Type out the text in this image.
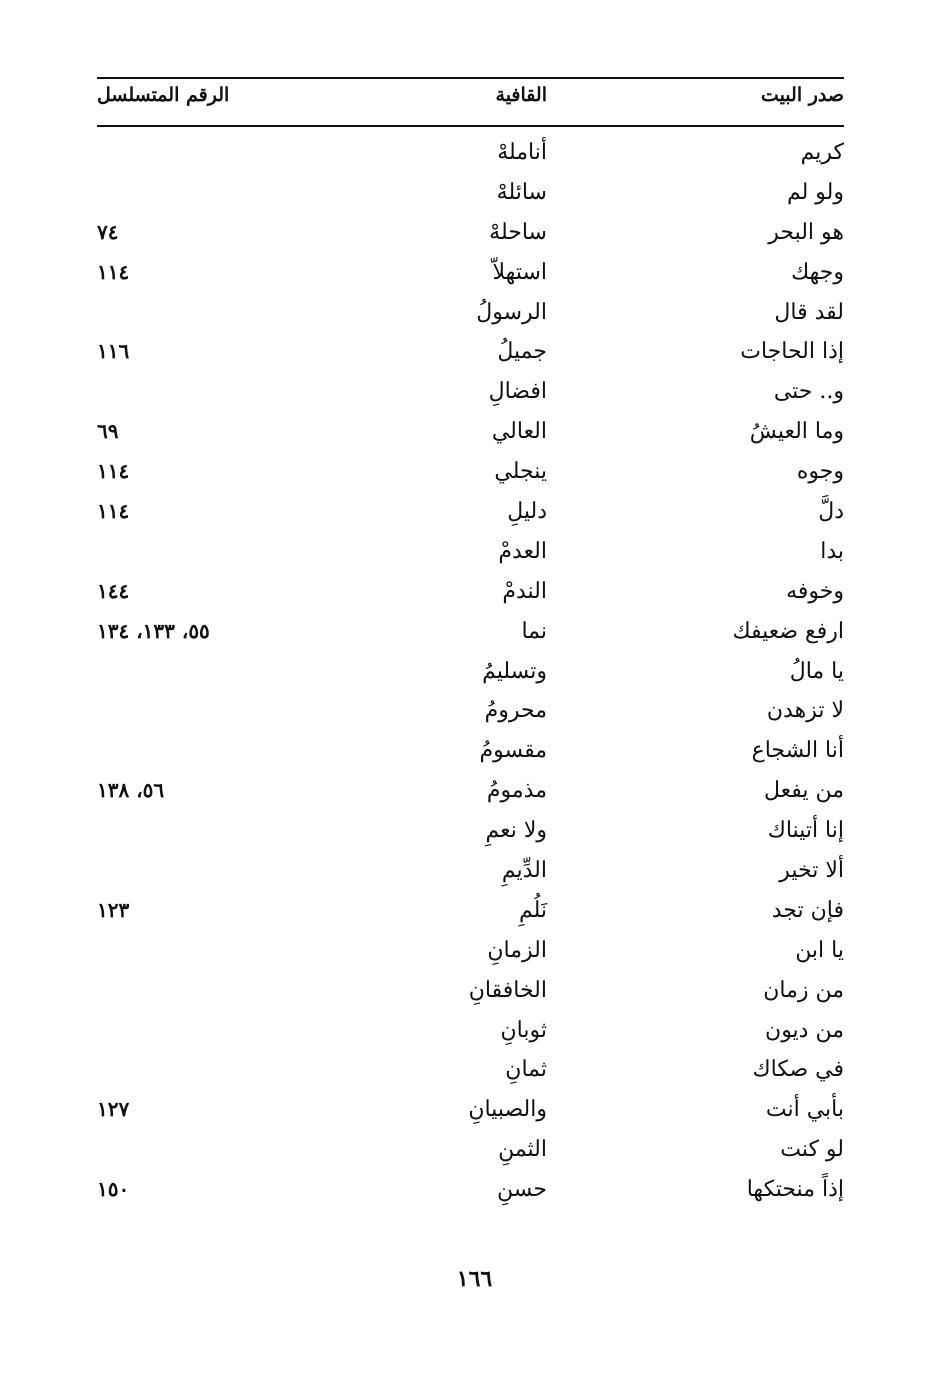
صدر البيت
القافية
الرقم المتسلسل
كريم
أناملهْ
ولو لم
سائلهْ
هو البحر
ساحلهْ
٧٤
وجهك
استهلاّ
١١٤
لقد قال
الرسولُ
إذا الحاجات
جميلُ
١١٦
و.. حتى
افضالِ
وما العيشُ
العالي
٦٩
وجوه
ينجلي
١١٤
دلَّ
دليلِ
١١٤
بدا
العدمْ
وخوفه
الندمْ
١٤٤
ارفع ضعيفك
نما
٥٥، ١٣٣، ١٣٤
يا مالُ
وتسليمُ
لا تزهدن
محرومُ
أنا الشجاع
مقسومُ
من يفعل
مذمومُ
٥٦، ١٣٨
إنا أتيناك
ولا نعمِ
ألا تخير
الدِّيمِ
فإن تجد
نَلُمِ
١٢٣
يا ابن
الزمانِ
من زمان
الخافقانِ
من ديون
ثوبانِ
في صكاك
ثمانِ
بأبي أنت
والصبيانِ
١٢٧
لو كنت
الثمنِ
إذاً منحتكها
حسنِ
١٥٠
١٦٦
